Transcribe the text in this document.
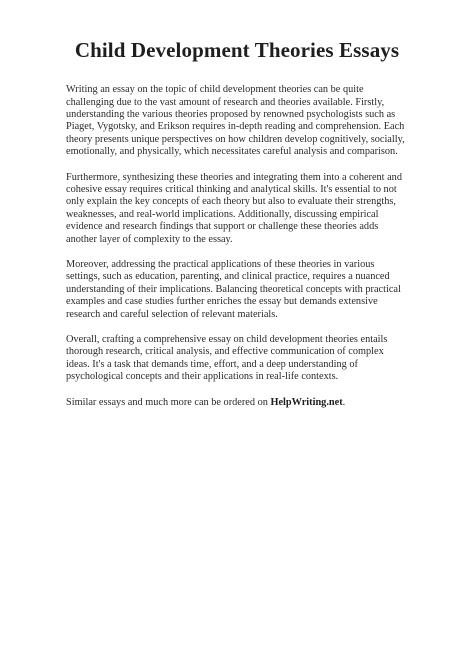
Child Development Theories Essays

Writing an essay on the topic of child development theories can be quite challenging due to the vast amount of research and theories available. Firstly, understanding the various theories proposed by renowned psychologists such as Piaget, Vygotsky, and Erikson requires in-depth reading and comprehension. Each theory presents unique perspectives on how children develop cognitively, socially, emotionally, and physically, which necessitates careful analysis and comparison.

Furthermore, synthesizing these theories and integrating them into a coherent and cohesive essay requires critical thinking and analytical skills. It's essential to not only explain the key concepts of each theory but also to evaluate their strengths, weaknesses, and real-world implications. Additionally, discussing empirical evidence and research findings that support or challenge these theories adds another layer of complexity to the essay.

Moreover, addressing the practical applications of these theories in various settings, such as education, parenting, and clinical practice, requires a nuanced understanding of their implications. Balancing theoretical concepts with practical examples and case studies further enriches the essay but demands extensive research and careful selection of relevant materials.

Overall, crafting a comprehensive essay on child development theories entails thorough research, critical analysis, and effective communication of complex ideas. It's a task that demands time, effort, and a deep understanding of psychological concepts and their applications in real-life contexts.

Similar essays and much more can be ordered on HelpWriting.net.
